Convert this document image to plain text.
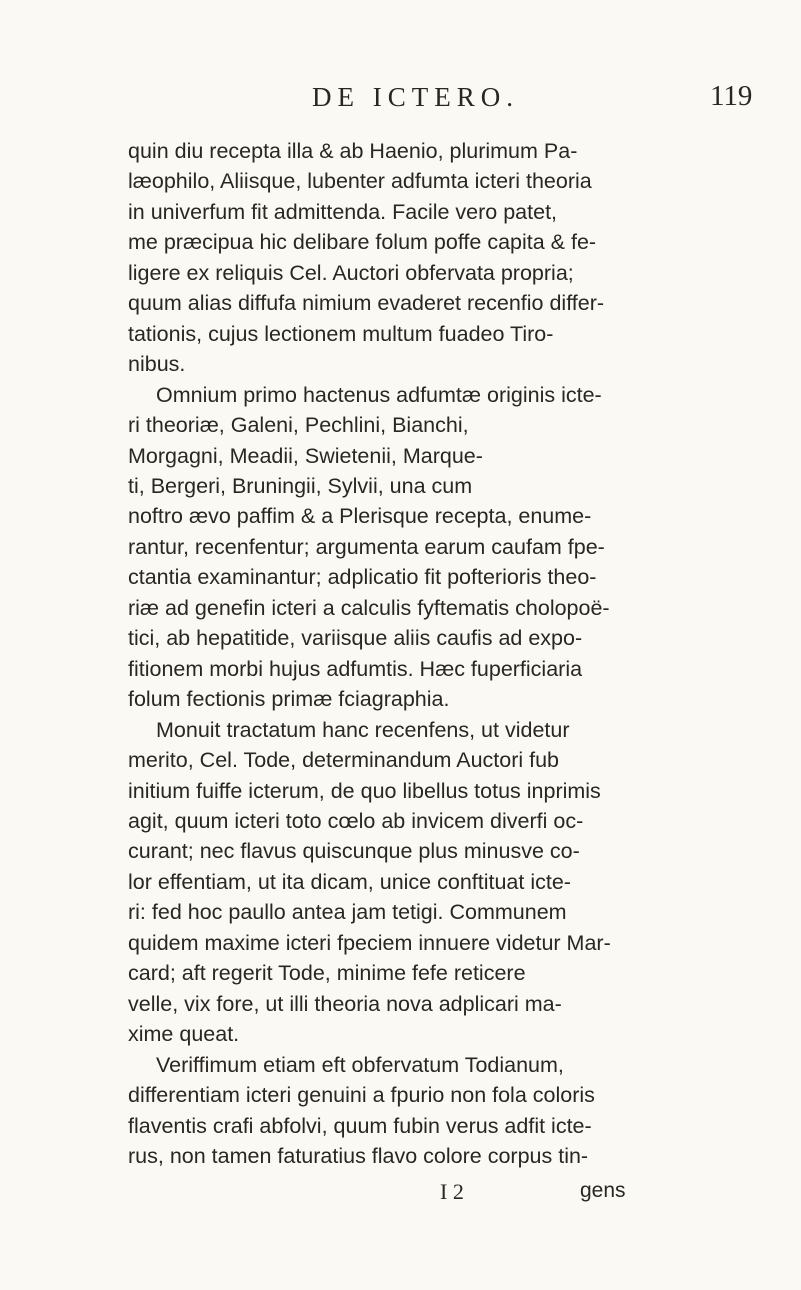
DE ICTERO.	119
quin diu recepta illa & ab Haenio, plurimum Pa-
læophilo, Aliisque, lubenter adfumta icteri theoria
in univerfum fit admittenda. Facile vero patet,
me præcipua hic delibare folum poffe capita & fe-
ligere ex reliquis Cel. Auctori obfervata propria;
quum alias diffufa nimium evaderet recenfio differ-
tationis, cujus lectionem multum fuadeo Tiro-
nibus.
Omnium primo hactenus adfumtæ originis icte-
ri theoriæ, Galeni, Pechlini, Bianchi,
Morgagni, Meadii, Swietenii, Marque-
ti, Bergeri, Bruningii, Sylvii, una cum
noftro ævo paffim & a Plerisque recepta, enume-
rantur, recenfentur; argumenta earum caufam fpe-
ctantia examinantur; adplicatio fit pofterioris theo-
riæ ad genefin icteri a calculis fyftematis cholopoë-
tici, ab hepatitide, variisque aliis caufis ad expo-
fitionem morbi hujus adfumtis. Hæc fuperficiaria
folum fectionis primæ fciagraphia.
Monuit tractatum hanc recenfens, ut videtur
merito, Cel. Tode, determinandum Auctori fub
initium fuiffe icterum, de quo libellus totus inprimis
agit, quum icteri toto cœlo ab invicem diverfi oc-
curant; nec flavus quiscunque plus minusve co-
lor effentiam, ut ita dicam, unice conftituat icte-
ri: fed hoc paullo antea jam tetigi. Communem
quidem maxime icteri fpeciem innuere videtur Mar-
card; aft regerit Tode, minime fefe reticere
velle, vix fore, ut illi theoria nova adplicari ma-
xime queat.
Veriffimum etiam eft obfervatum Todianum,
differentiam icteri genuini a fpurio non fola coloris
flaventis crafi abfolvi, quum fubin verus adfit icte-
rus, non tamen faturatius flavo colore corpus tin-
I 2	gens
